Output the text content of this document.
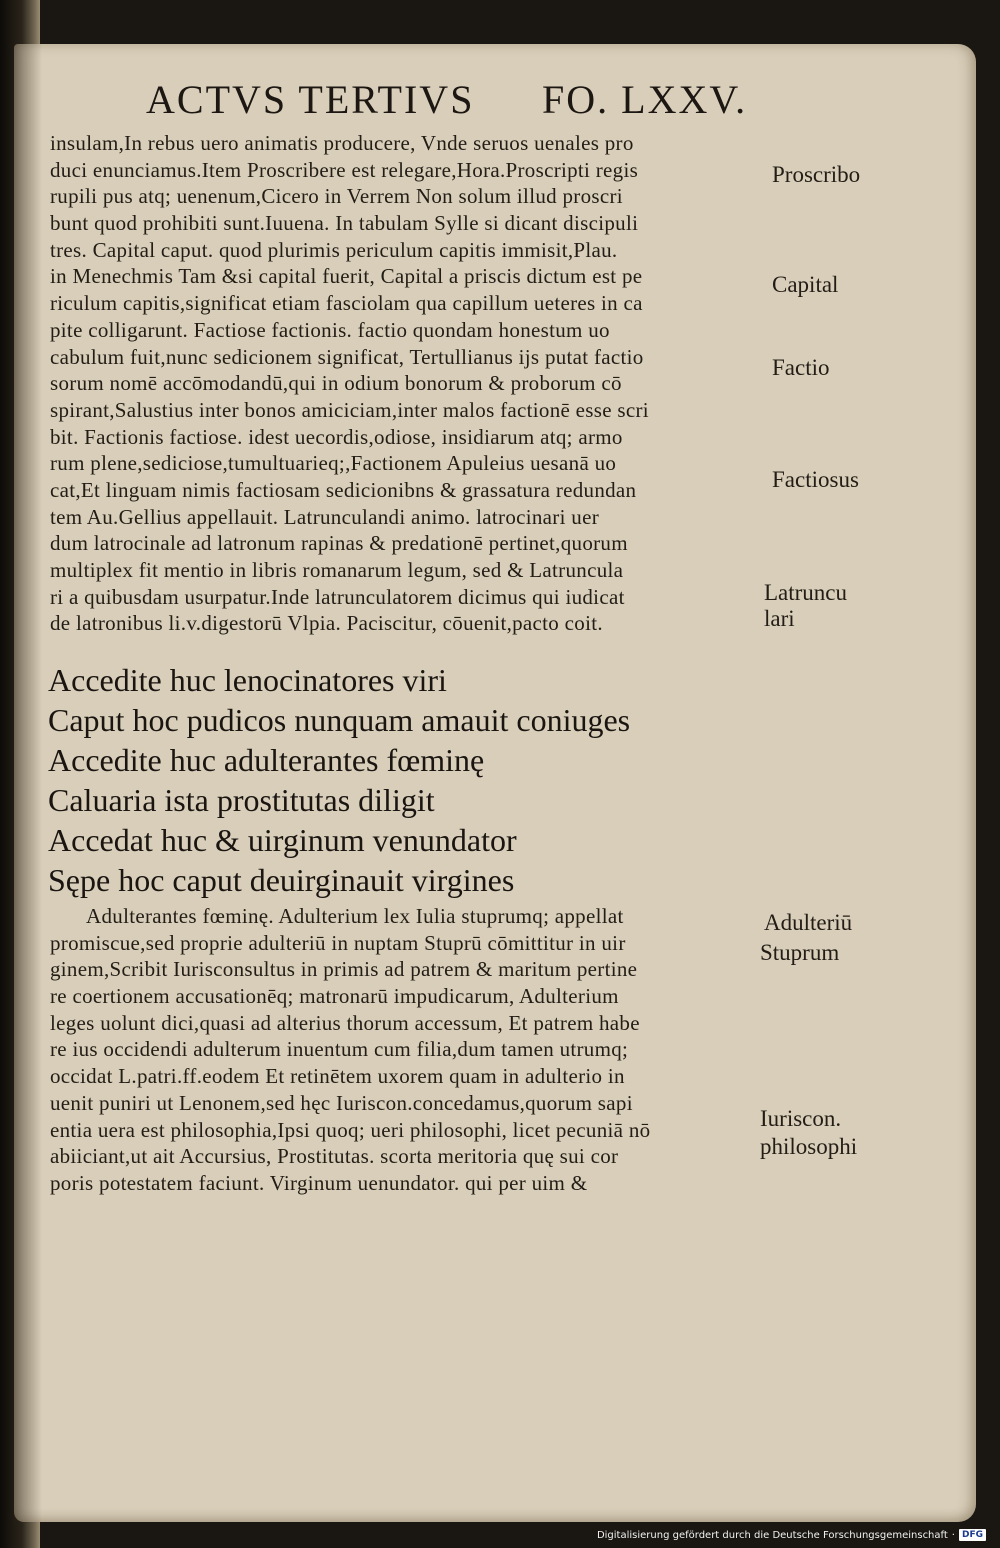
ACTVS TERTIVS FO. LXXV.
insulam,In rebus uero animatis producere, Vnde seruos uenales pro
duci enunciamus.Item Proscribere est relegare,Hora.Proscripti regis
rupili pus atq; uenenum,Cicero in Verrem Non solum illud proscri
bunt quod prohibiti sunt.Iuuena. In tabulam Sylle si dicant discipuli
tres. Capital caput. quod plurimis periculum capitis immisit,Plau.
in Menechmis Tam &si capital fuerit, Capital a priscis dictum est pe
riculum capitis,significat etiam fasciolam qua capillum ueteres in ca
pite colligarunt. Factiose factionis. factio quondam honestum uo
cabulum fuit,nunc sedicionem significat, Tertullianus ijs putat factio
sorum nomē accōmodandū,qui in odium bonorum & proborum cō
spirant,Salustius inter bonos amiciciam,inter malos factionē esse scri
bit. Factionis factiose. idest uecordis,odiose, insidiarum atq; armo
rum plene,sediciose,tumultuarieq;,Factionem Apuleius uesanā uo
cat,Et linguam nimis factiosam sedicionibns & grassatura redundan
tem Au.Gellius appellauit. Latrunculandi animo. latrocinari uer
dum latrocinale ad latronum rapinas & predationē pertinet,quorum
multiplex fit mentio in libris romanarum legum, sed & Latruncula
ri a quibusdam usurpatur.Inde latrunculatorem dicimus qui iudicat
de latronibus li.v.digestorū Vlpia. Paciscitur, cōuenit,pacto coit.
Accedite huc lenocinatores viri
Caput hoc pudicos nunquam amauit coniuges
Accedite huc adulterantes fœminę
Caluaria ista prostitutas diligit
Accedat huc & uirginum venundator
Sępe hoc caput deuirginauit virgines
Adulterantes fœminę. Adulterium lex Iulia stuprumq; appellat
promiscue,sed proprie adulteriū in nuptam Stuprū cōmittitur in uir
ginem,Scribit Iurisconsultus in primis ad patrem & maritum pertine
re coertionem accusationēq; matronarū impudicarum, Adulterium
leges uolunt dici,quasi ad alterius thorum accessum, Et patrem habe
re ius occidendi adulterum inuentum cum filia,dum tamen utrumq;
occidat L.patri.ff.eodem Et retinētem uxorem quam in adulterio in
uenit puniri ut Lenonem,sed hęc Iuriscon.concedamus,quorum sapi
entia uera est philosophia,Ipsi quoq; ueri philosophi, licet pecuniā nō
abiiciant,ut ait Accursius, Prostitutas. scorta meritoria quę sui cor
poris potestatem faciunt. Virginum uenundator. qui per uim &
Proscribo
Capital
Factio
Factiosus
Latruncu
lari
Adulteriū
Stuprum
Iuriscon.
philosophi
Digitalisierung gefördert durch die Deutsche Forschungsgemeinschaft · DFG
